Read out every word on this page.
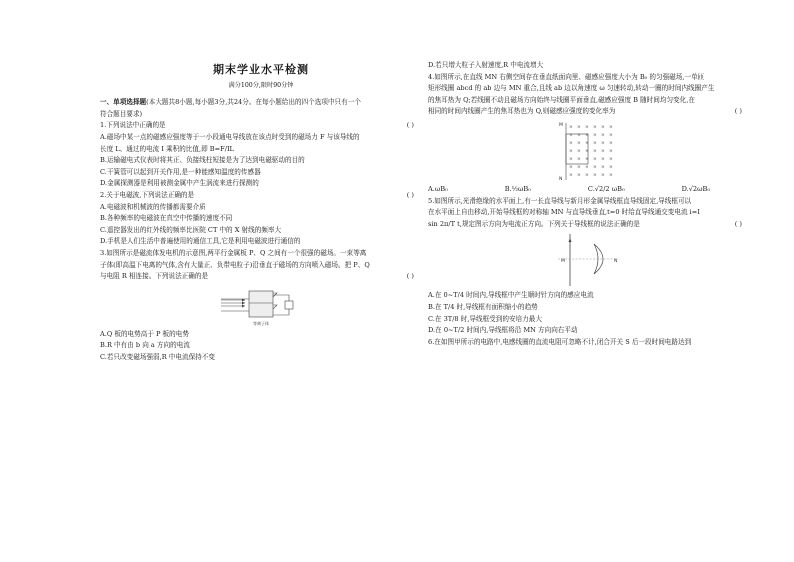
期末学业水平检测
满分100分,限时90分钟
一、单项选择题(本大题共8小题,每小题3分,共24分。在每小题给出的四个选项中只有一个
符合题目要求)
1.下列说法中正确的是	( )
A.磁场中某一点的磁感应强度等于一小段通电导线放在该点时受到的磁场力 F 与该导线的
长度 L、通过的电流 I 乘积的比值,即 B=F/IL
B.运输磁电式仪表时将其正、负接线柱短接是为了达到电磁驱动的目的
C.干簧管可以起到开关作用,是一种能感知温度的传感器
D.金属探测器是利用被测金属中产生涡流来进行探测的
2.关于电磁波,下列说法正确的是	( )
A.电磁波和机械波的传播都需要介质
B.各种频率的电磁波在真空中传播的速度不同
C.遥控器发出的红外线的频率比医院 CT 中的 X 射线的频率大
D.手机是人们生活中普遍使用的通信工具,它是利用电磁波进行通信的
3.如图所示是磁流体发电机的示意图,两平行金属板 P、Q 之间有一个很强的磁场。一束等离
子体(即高温下电离的气体,含有大量正、负带电粒子)沿垂直于磁场的方向喷入磁场。把 P、Q
与电阻 R 相连接。下列说法正确的是	( )
等离子体
A.Q 板的电势高于 P 板的电势
B.R 中有由 b 向 a 方向的电流
C.若只改变磁场强弱,R 中电流保持不变
D.若只增大粒子入射速度,R 中电流增大
4.如图所示,在直线 MN 右侧空间存在垂直纸面向里、磁感应强度大小为 B₀ 的匀强磁场,一单匝
矩形线圈 abcd 的 ab 边与 MN 重合,且线 ab 边以角速度 ω 匀速转动,转动一圈的时间内线圈产生
的焦耳热为 Q;若线圈不动且磁场方向始终与线圈平面垂直,磁感应强度 B 随时间均匀变化,在
相同的时间内线圈产生的焦耳热也为 Q,则磁感应强度的变化率为	( )
× × × × × ×
× × × × × ×
× × × × × ×
× × × × × ×
× × × × × ×
× × × × × ×
× × × × × ×
M
N
A.ωB₀	B.½ωB₀	C.√2/2 ωB₀	D.√2ωB₀
5.如图所示,光滑绝缘的水平面上,有一长直导线与新月形金属导线框直导线固定,导线框可以
在水平面上自由移动,开始导线框的对称轴 MN 与直导线垂直,t=0 时给直导线通交变电流 i=I
sin 2π/T t,规定图示方向为电流正方向。下列关于导线框的说法正确的是	( )
M	N
A.在 0~T/4 时间内,导线框中产生顺时针方向的感应电流
B.在 T/4 时,导线框有面积缩小的趋势
C.在 3T/8 时,导线框受到的安培力最大
D.在 0~T/2 时间内,导线框将沿 MN 方向向右平动
6.在如图甲所示的电路中,电感线圈的直流电阻可忽略不计,闭合开关 S 后一段时间电路达到
